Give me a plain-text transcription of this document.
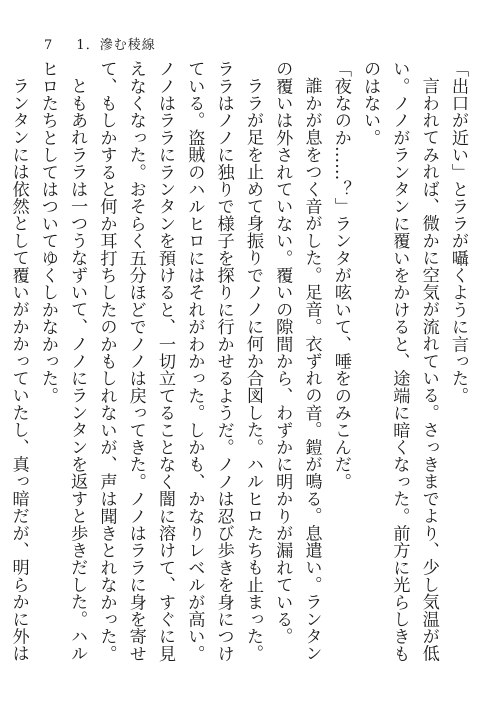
7 1．滲む稜線

「出口が近い」とララが囁くように言った。

言われてみれば、微かに空気が流れている。さっきまでより、少し気温が低い。ノノがランタンに覆いをかけると、途端に暗くなった。前方に光らしきものはない。

「夜なのか……？」ランタが呟いて、唾をのみこんだ。

誰かが息をつく音がした。足音。衣ずれの音。鎧が鳴る。息遣い。ランタンの覆いは外されていない。覆いの隙間から、わずかに明かりが漏れている。

ララが足を止めて身振りでノノに何か合図した。ハルヒロたちも止まった。ララはノノに独りで様子を探りに行かせるようだ。ノノは忍び歩きを身につけている。盗賊のハルヒロにはそれがわかった。しかも、かなりレベルが高い。ノノはララにランタンを預けると、一切立てることなく闇に溶けて、すぐに見えなくなった。おそらく五分ほどでノノは戻ってきた。ノノはララに身を寄せて、もしかすると何か耳打ちしたのかもしれないが、声は聞きとれなかった。

ともあれララは一つうなずいて、ノノにランタンを返すと歩きだした。ハルヒロたちとしてはついてゆくしかなかった。

ランタンには依然として覆いがかかっていたし、真っ暗だが、明らかに外は
